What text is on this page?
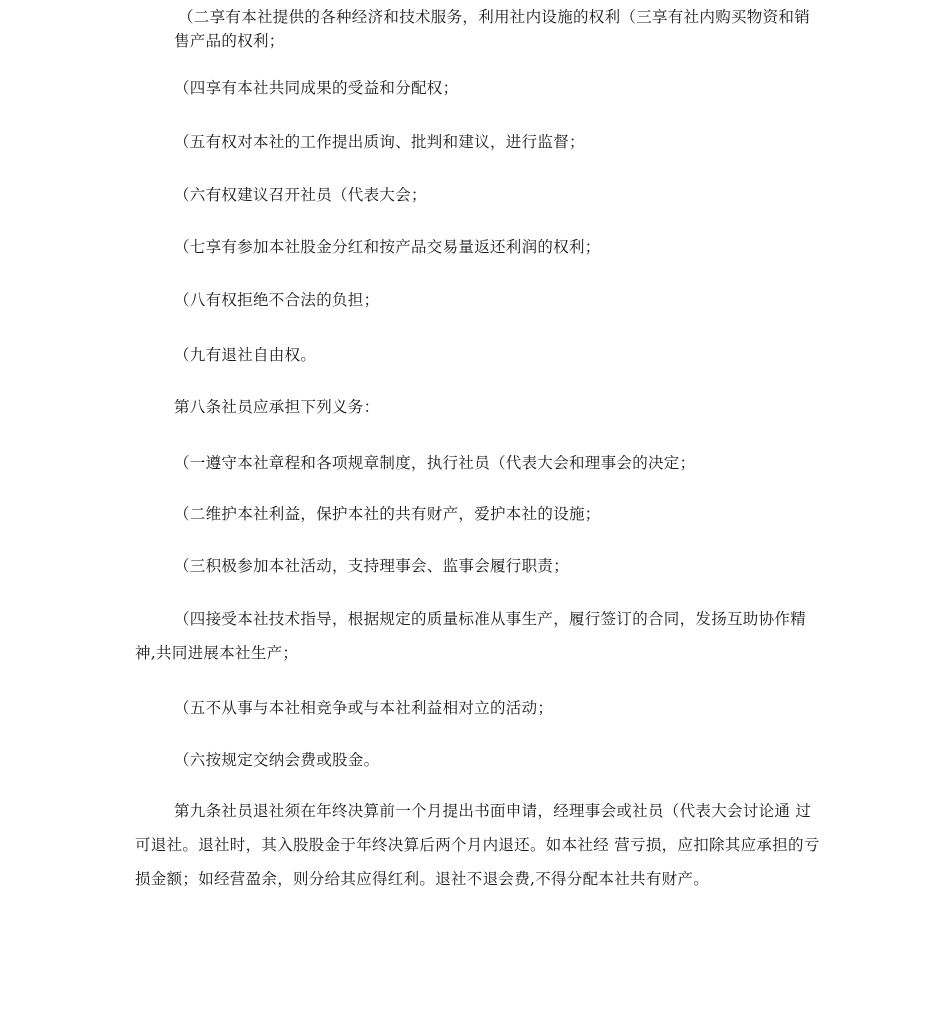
（二享有本社提供的各种经济和技术服务，利用社内设施的权利（三享有社内购买物资和销售产品的权利；

（四享有本社共同成果的受益和分配权；

（五有权对本社的工作提出质询、批判和建议，进行监督；

（六有权建议召开社员（代表大会；

（七享有参加本社股金分红和按产品交易量返还利润的权利；

（八有权拒绝不合法的负担；

（九有退社自由权。

第八条社员应承担下列义务：

（一遵守本社章程和各项规章制度，执行社员（代表大会和理事会的决定；

（二维护本社利益，保护本社的共有财产，爱护本社的设施；

（三积极参加本社活动，支持理事会、监事会履行职责；

（四接受本社技术指导，根据规定的质量标准从事生产，履行签订的合同，发扬互助协作精神,共同进展本社生产；

（五不从事与本社相竞争或与本社利益相对立的活动；

（六按规定交纳会费或股金。

第九条社员退社须在年终决算前一个月提出书面申请，经理事会或社员（代表大会讨论通 过可退社。退社时，其入股股金于年终决算后两个月内退还。如本社经 营亏损，应扣除其应承担的亏损金额；如经营盈余，则分给其应得红利。退社不退会费,不得分配本社共有财产。
